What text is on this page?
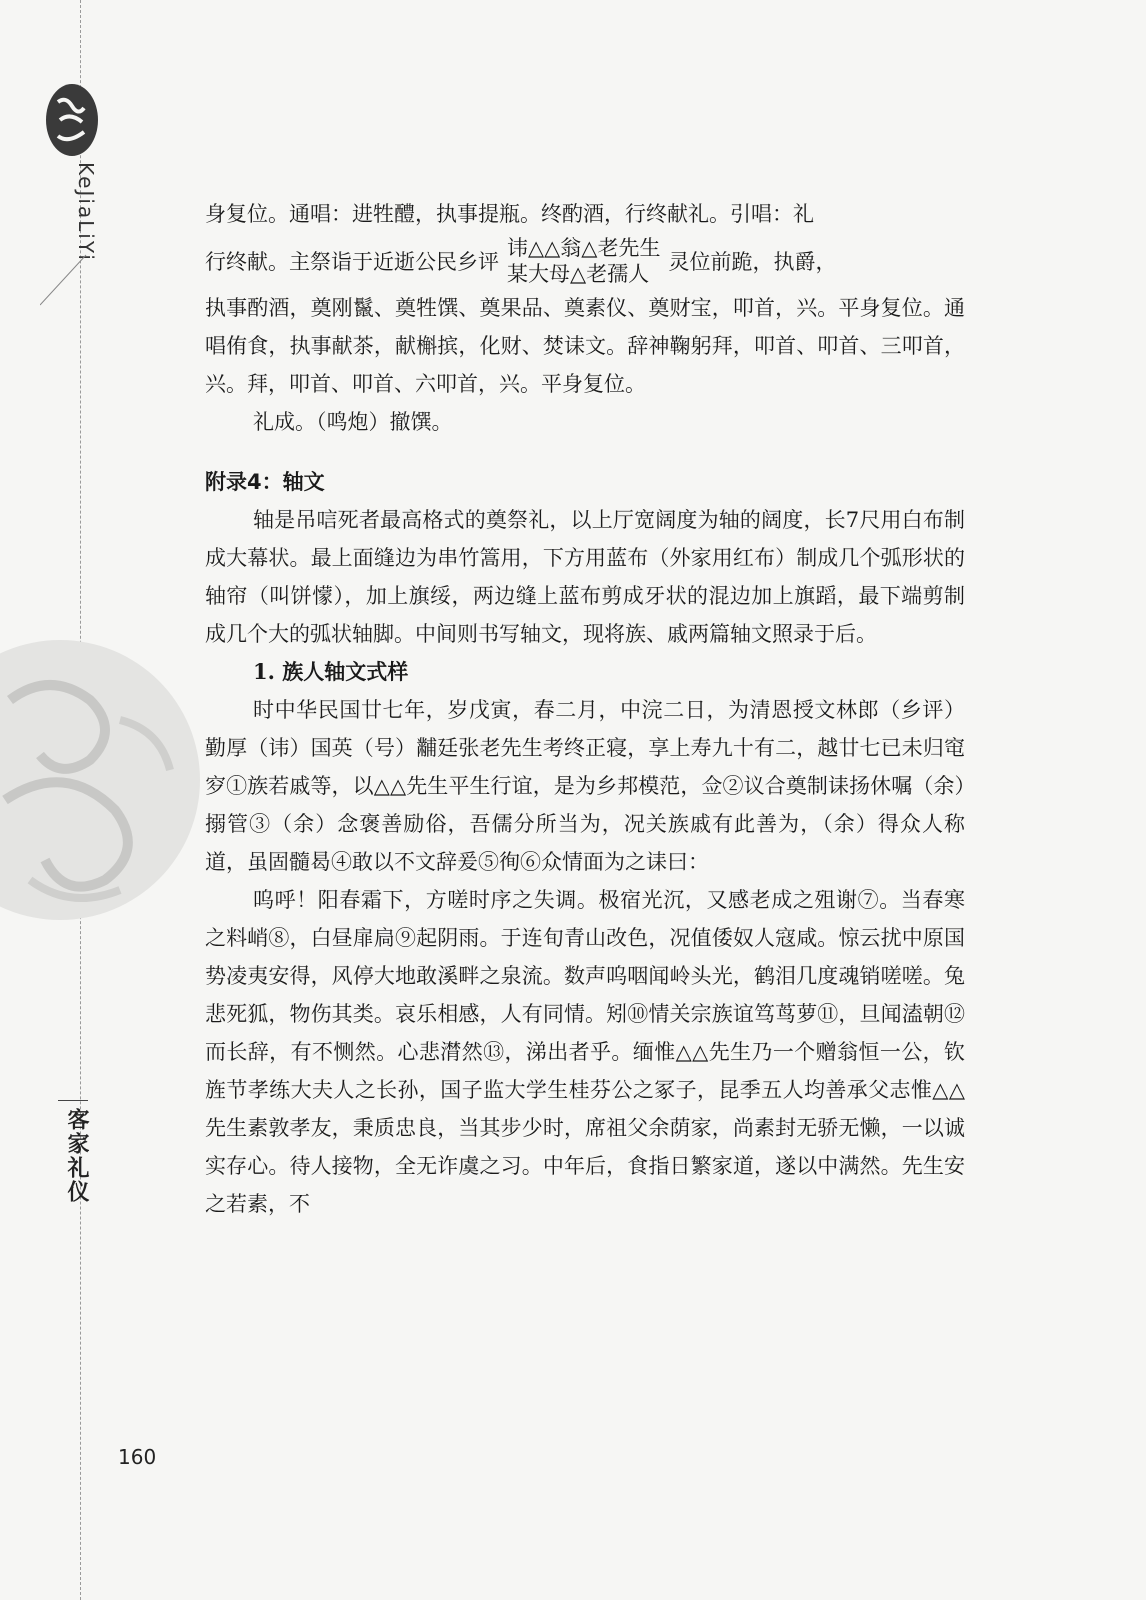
KeJiaLiYi
客家礼仪
160

身复位。通唱：进牲醴，执事提瓶。终酌酒，行终献礼。引唱：礼

行终献。主祭诣于近逝公民乡评
讳△△翁△老先生
某大母△老孺人 灵位前跪，执爵，

执事酌酒，奠刚鬣、奠牲馔、奠果品、奠素仪、奠财宝，叩首，兴。平身复位。通唱侑食，执事献茶，献槲摈，化财、焚诔文。辞神鞠躬拜，叩首、叩首、三叩首，兴。拜，叩首、叩首、六叩首，兴。平身复位。

礼成。（鸣炮）撤馔。

附录4：轴文

轴是吊唁死者最高格式的奠祭礼，以上厅宽阔度为轴的阔度，长7尺用白布制成大幕状。最上面缝边为串竹篙用，下方用蓝布（外家用红布）制成几个弧形状的轴帘（叫饼懞），加上旗绥，两边缝上蓝布剪成牙状的混边加上旗蹈，最下端剪制成几个大的弧状轴脚。中间则书写轴文，现将族、戚两篇轴文照录于后。

1. 族人轴文式样

时中华民国廿七年，岁戊寅，春二月，中浣二日，为清恩授文林郎（乡评）勤厚（讳）国英（号）黼廷张老先生考终正寝，享上寿九十有二，越廿七已未归窀穸①族若戚等，以△△先生平生行谊，是为乡邦模范，佥②议合奠制诔扬休嘱（余）搦管③（余）念褒善励俗，吾儒分所当为，况关族戚有此善为，（余）得众人称道，虽固髓曷④敢以不文辞爰⑤徇⑥众情面为之诔曰：

呜呼！阳春霜下，方嗟时序之失调。极宿光沉，又感老成之殂谢⑦。当春寒之料峭⑧，白昼扉扃⑨起阴雨。于连旬青山改色，况值倭奴人寇咸。惊云扰中原国势凌夷安得，风停大地敢溪畔之泉流。数声呜咽闻岭头光，鹤泪几度魂销嗟嗟。兔悲死狐，物伤其类。哀乐相感，人有同情。矧⑩情关宗族谊笃茑萝⑪，旦闻溘朝⑫而长辞，有不恻然。心悲潸然⑬，涕出者乎。缅惟△△先生乃一个赠翁恒一公，钦旌节孝练大夫人之长孙，国子监大学生桂芬公之冢子，昆季五人均善承父志惟△△先生素敦孝友，秉质忠良，当其步少时，席祖父余荫家，尚素封无骄无懒，一以诚实存心。待人接物，全无诈虞之习。中年后，食指日繁家道，遂以中满然。先生安之若素，不
